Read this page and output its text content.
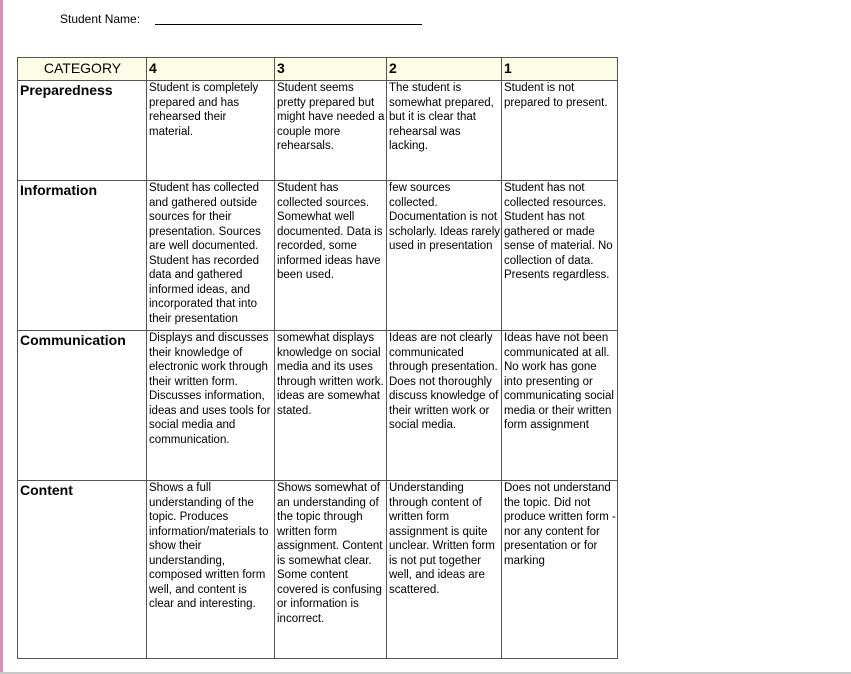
Student Name:
CATEGORY	4	3	2	1
Preparedness	Student is completely prepared and has rehearsed their material.	Student seems pretty prepared but might have needed a couple more rehearsals.	The student is somewhat prepared, but it is clear that rehearsal was lacking.	Student is not prepared to present.
Information	Student has collected and gathered outside sources for their presentation. Sources are well documented. Student has recorded data and gathered informed ideas, and incorporated that into their presentation	Student has collected sources. Somewhat well documented. Data is recorded, some informed ideas have been used.	few sources collected. Documentation is not scholarly. Ideas rarely used in presentation	Student has not collected resources. Student has not gathered or made sense of material. No collection of data. Presents regardless.
Communication	Displays and discusses their knowledge of electronic work through their written form. Discusses information, ideas and uses tools for social media and communication.	somewhat displays knowledge on social media and its uses through written work. ideas are somewhat stated.	Ideas are not clearly communicated through presentation. Does not thoroughly discuss knowledge of their written work or social media.	Ideas have not been communicated at all. No work has gone into presenting or communicating social media or their written form assignment
Content	Shows a full understanding of the topic. Produces information/materials to show their understanding, composed written form well, and content is clear and interesting.	Shows somewhat of an understanding of the topic through written form assignment. Content is somewhat clear. Some content covered is confusing or information is incorrect.	Understanding through content of written form assignment is quite unclear. Written form is not put together well, and ideas are scattered.	Does not understand the topic. Did not produce written form - nor any content for presentation or for marking
